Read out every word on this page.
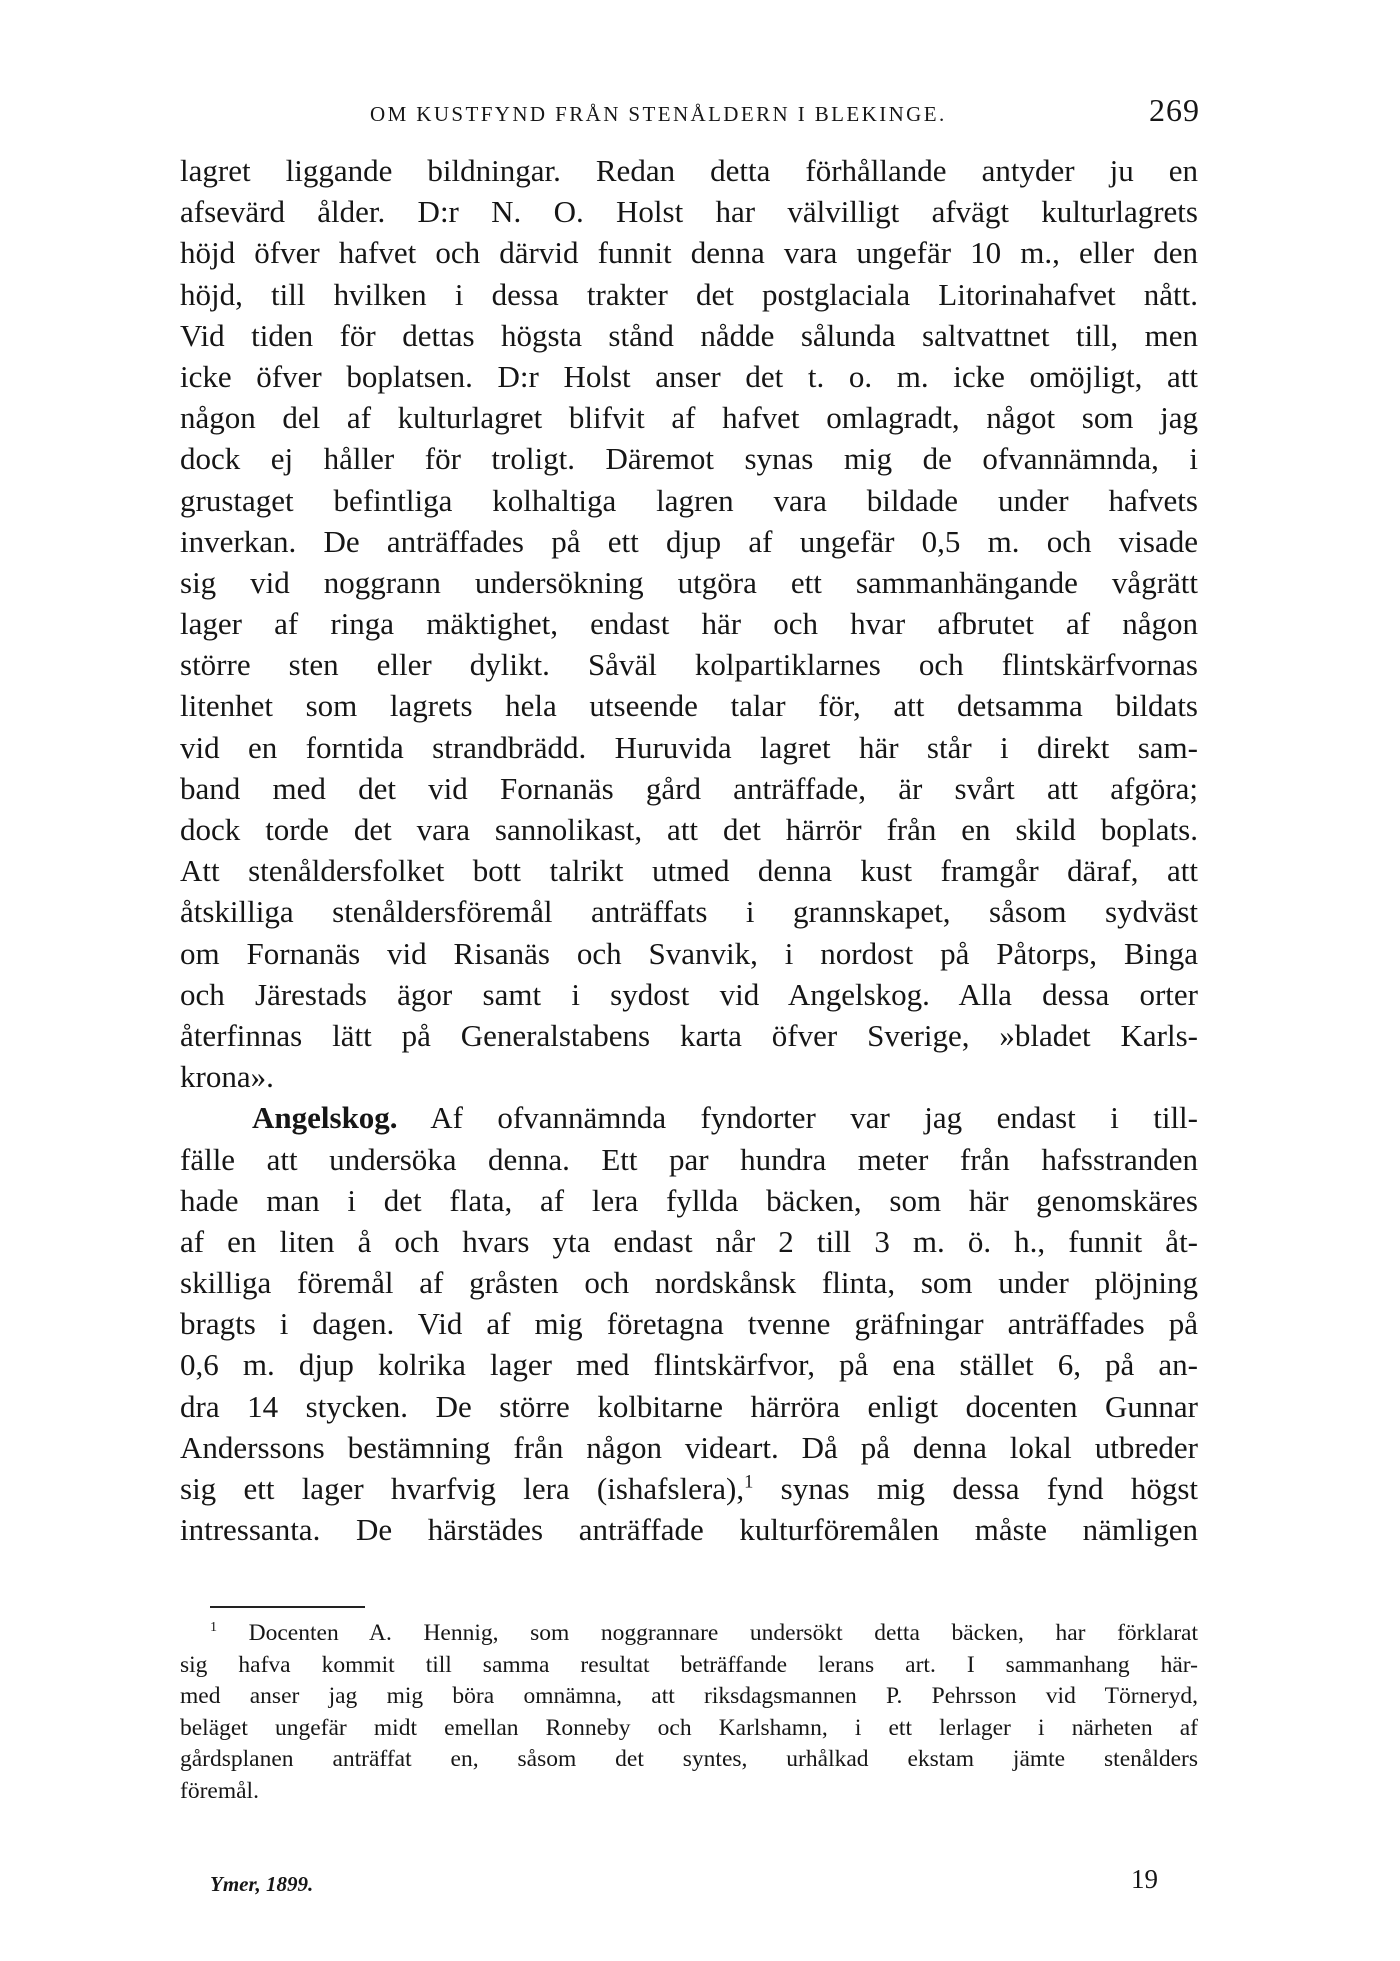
OM KUSTFYND FRÅN STENÅLDERN I BLEKINGE.	269
lagret liggande bildningar. Redan detta förhållande antyder ju en
afsevärd ålder. D:r N. O. Holst har välvilligt afvägt kulturlagrets
höjd öfver hafvet och därvid funnit denna vara ungefär 10 m., eller den
höjd, till hvilken i dessa trakter det postglaciala Litorinahafvet nått.
Vid tiden för dettas högsta stånd nådde sålunda saltvattnet till, men
icke öfver boplatsen. D:r Holst anser det t. o. m. icke omöjligt, att
någon del af kulturlagret blifvit af hafvet omlagradt, något som jag
dock ej håller för troligt. Däremot synas mig de ofvannämnda, i
grustaget befintliga kolhaltiga lagren vara bildade under hafvets
inverkan. De anträffades på ett djup af ungefär 0,5 m. och visade
sig vid noggrann undersökning utgöra ett sammanhängande vågrätt
lager af ringa mäktighet, endast här och hvar afbrutet af någon
större sten eller dylikt. Såväl kolpartiklarnes och flintskärfvornas
litenhet som lagrets hela utseende talar för, att detsamma bildats
vid en forntida strandbrädd. Huruvida lagret här står i direkt sam-
band med det vid Fornanäs gård anträffade, är svårt att afgöra;
dock torde det vara sannolikast, att det härrör från en skild boplats.
Att stenåldersfolket bott talrikt utmed denna kust framgår däraf, att
åtskilliga stenåldersföremål anträffats i grannskapet, såsom sydväst
om Fornanäs vid Risanäs och Svanvik, i nordost på Påtorps, Binga
och Järestads ägor samt i sydost vid Angelskog. Alla dessa orter
återfinnas lätt på Generalstabens karta öfver Sverige, »bladet Karls-
krona».
Angelskog. Af ofvannämnda fyndorter var jag endast i till-
fälle att undersöka denna. Ett par hundra meter från hafsstranden
hade man i det flata, af lera fyllda bäcken, som här genomskäres
af en liten å och hvars yta endast når 2 till 3 m. ö. h., funnit åt-
skilliga föremål af gråsten och nordskånsk flinta, som under plöjning
bragts i dagen. Vid af mig företagna tvenne gräfningar anträffades på
0,6 m. djup kolrika lager med flintskärfvor, på ena stället 6, på an-
dra 14 stycken. De större kolbitarne härröra enligt docenten Gunnar
Anderssons bestämning från någon videart. Då på denna lokal utbreder
sig ett lager hvarfvig lera (ishafslera),$^1$ synas mig dessa fynd högst
intressanta. De härstädes anträffade kulturföremålen måste nämligen
$^1$ Docenten A. Hennig, som noggrannare undersökt detta bäcken, har förklarat
sig hafva kommit till samma resultat beträffande lerans art. I sammanhang här-
med anser jag mig böra omnämna, att riksdagsmannen P. Pehrsson vid Törneryd,
beläget ungefär midt emellan Ronneby och Karlshamn, i ett lerlager i närheten af
gårdsplanen anträffat en, såsom det syntes, urhålkad ekstam jämte stenålders
föremål.
Ymer, 1899.	19
